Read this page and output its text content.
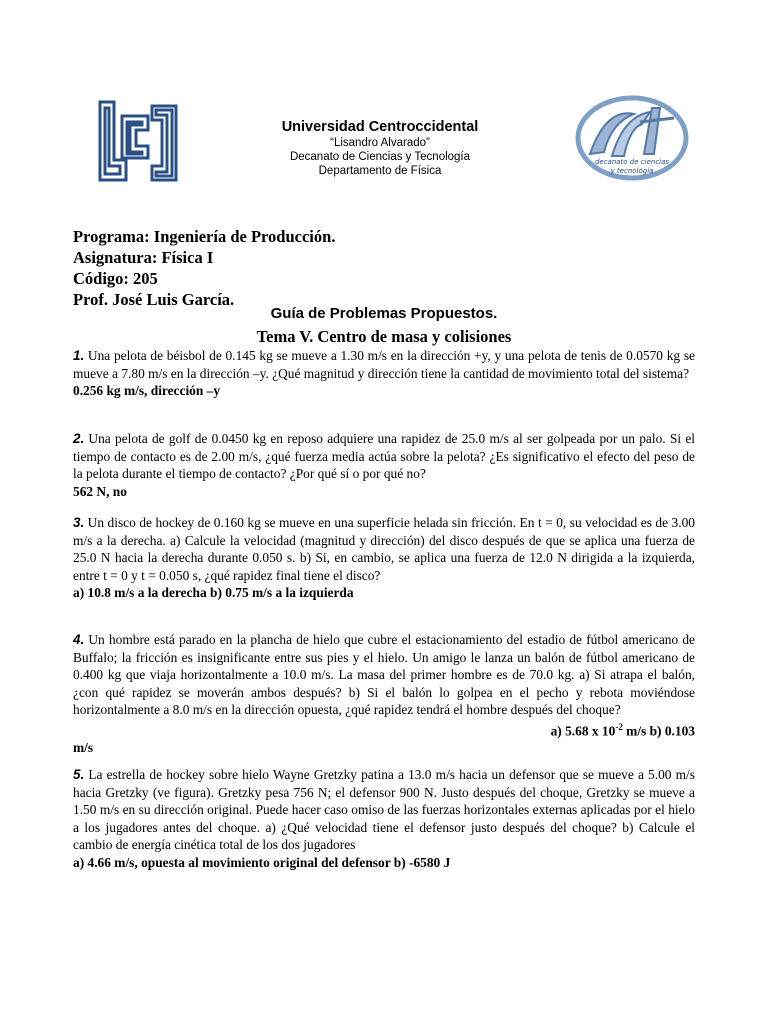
Universidad Centroccidental
“Lisandro Alvarado”
Decanato de Ciencias y Tecnología
Departamento de Física
decanato de ciencias
y tecnologia
Programa: Ingeniería de Producción.
Asignatura: Física I
Código: 205
Prof. José Luis García.
Guía de Problemas Propuestos.
Tema V. Centro de masa y colisiones
1. Una pelota de béisbol de 0.145 kg se mueve a 1.30 m/s en la dirección +y, y una pelota de tenis de 0.0570 kg se mueve a 7.80 m/s en la dirección –y. ¿Qué magnitud y dirección tiene la cantidad de movimiento total del sistema?
0.256 kg m/s, dirección –y
2. Una pelota de golf de 0.0450 kg en reposo adquiere una rapidez de 25.0 m/s al ser golpeada por un palo. Si el tiempo de contacto es de 2.00 m/s, ¿qué fuerza media actúa sobre la pelota? ¿Es significativo el efecto del peso de la pelota durante el tiempo de contacto? ¿Por qué sí o por qué no?
562 N, no
3. Un disco de hockey de 0.160 kg se mueve en una superficie helada sin fricción. En t = 0, su velocidad es de 3.00 m/s a la derecha. a) Calcule la velocidad (magnitud y dirección) del disco después de que se aplica una fuerza de 25.0 N hacia la derecha durante 0.050 s. b) Si, en cambio, se aplica una fuerza de 12.0 N dirigida a la izquierda, entre t = 0 y t = 0.050 s, ¿qué rapidez final tiene el disco?
a) 10.8 m/s a la derecha b) 0.75 m/s a la izquierda
4. Un hombre está parado en la plancha de hielo que cubre el estacionamiento del estadio de fútbol americano de Buffalo; la fricción es insignificante entre sus pies y el hielo. Un amigo le lanza un balón de fútbol americano de 0.400 kg que viaja horizontalmente a 10.0 m/s. La masa del primer hombre es de 70.0 kg. a) Si atrapa el balón, ¿con qué rapidez se moverán ambos después? b) Si el balón lo golpea en el pecho y rebota moviéndose horizontalmente a 8.0 m/s en la dirección opuesta, ¿qué rapidez tendrá el hombre después del choque?
a) 5.68 x $10^{-2}$ m/s b) 0.103
m/s
5. La estrella de hockey sobre hielo Wayne Gretzky patina a 13.0 m/s hacia un defensor que se mueve a 5.00 m/s hacia Gretzky (ve figura). Gretzky pesa 756 N; el defensor 900 N. Justo después del choque, Gretzky se mueve a 1.50 m/s en su dirección original. Puede hacer caso omiso de las fuerzas horizontales externas aplicadas por el hielo a los jugadores antes del choque. a) ¿Qué velocidad tiene el defensor justo después del choque? b) Calcule el cambio de energía cinética total de los dos jugadores
a) 4.66 m/s, opuesta al movimiento original del defensor b) -6580 J
